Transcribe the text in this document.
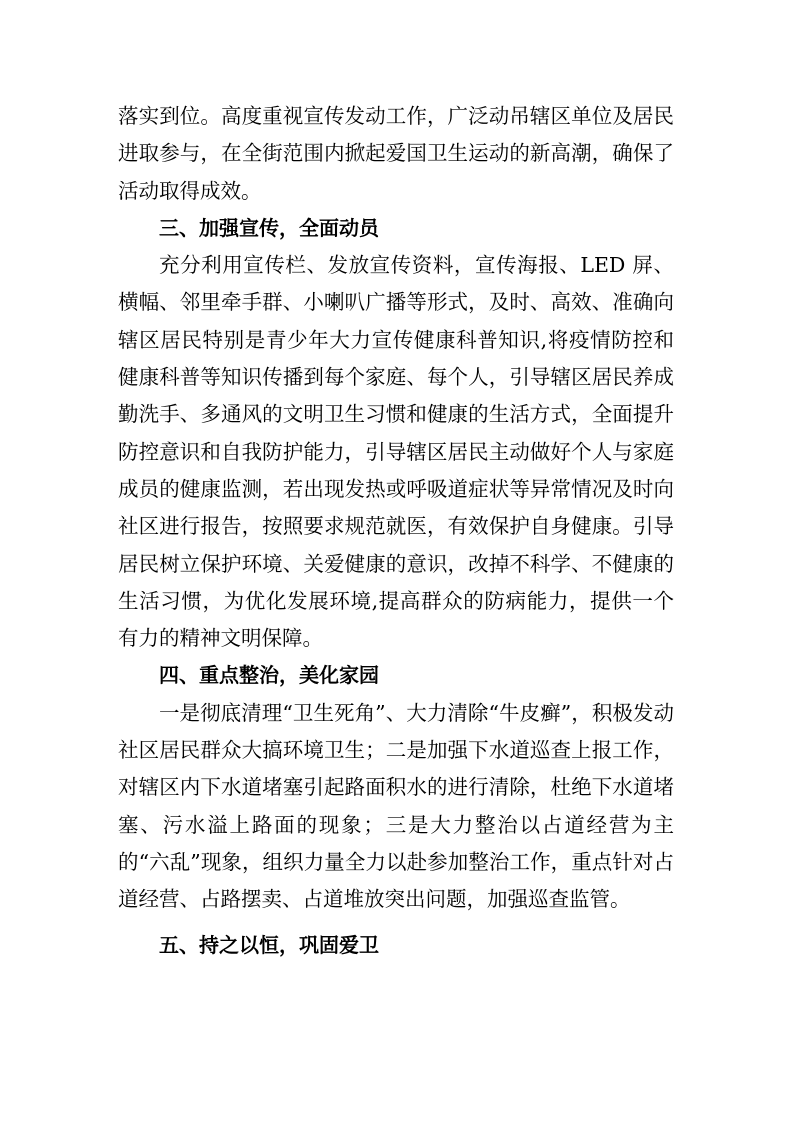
落实到位。高度重视宣传发动工作，广泛动吊辖区单位及居民进取参与，在全街范围内掀起爱国卫生运动的新高潮，确保了活动取得成效。

三、加强宣传，全面动员

充分利用宣传栏、发放宣传资料，宣传海报、LED 屏、横幅、邻里牵手群、小喇叭广播等形式，及时、高效、准确向辖区居民特别是青少年大力宣传健康科普知识,将疫情防控和健康科普等知识传播到每个家庭、每个人，引导辖区居民养成勤洗手、多通风的文明卫生习惯和健康的生活方式，全面提升防控意识和自我防护能力，引导辖区居民主动做好个人与家庭成员的健康监测，若出现发热或呼吸道症状等异常情况及时向社区进行报告，按照要求规范就医，有效保护自身健康。引导居民树立保护环境、关爱健康的意识，改掉不科学、不健康的生活习惯，为优化发展环境,提高群众的防病能力，提供一个有力的精神文明保障。

四、重点整治，美化家园

一是彻底清理“卫生死角”、大力清除“牛皮癣”，积极发动社区居民群众大搞环境卫生；二是加强下水道巡查上报工作，对辖区内下水道堵塞引起路面积水的进行清除，杜绝下水道堵塞、污水溢上路面的现象；三是大力整治以占道经营为主的“六乱”现象，组织力量全力以赴参加整治工作，重点针对占道经营、占路摆卖、占道堆放突出问题，加强巡查监管。

五、持之以恒，巩固爱卫
